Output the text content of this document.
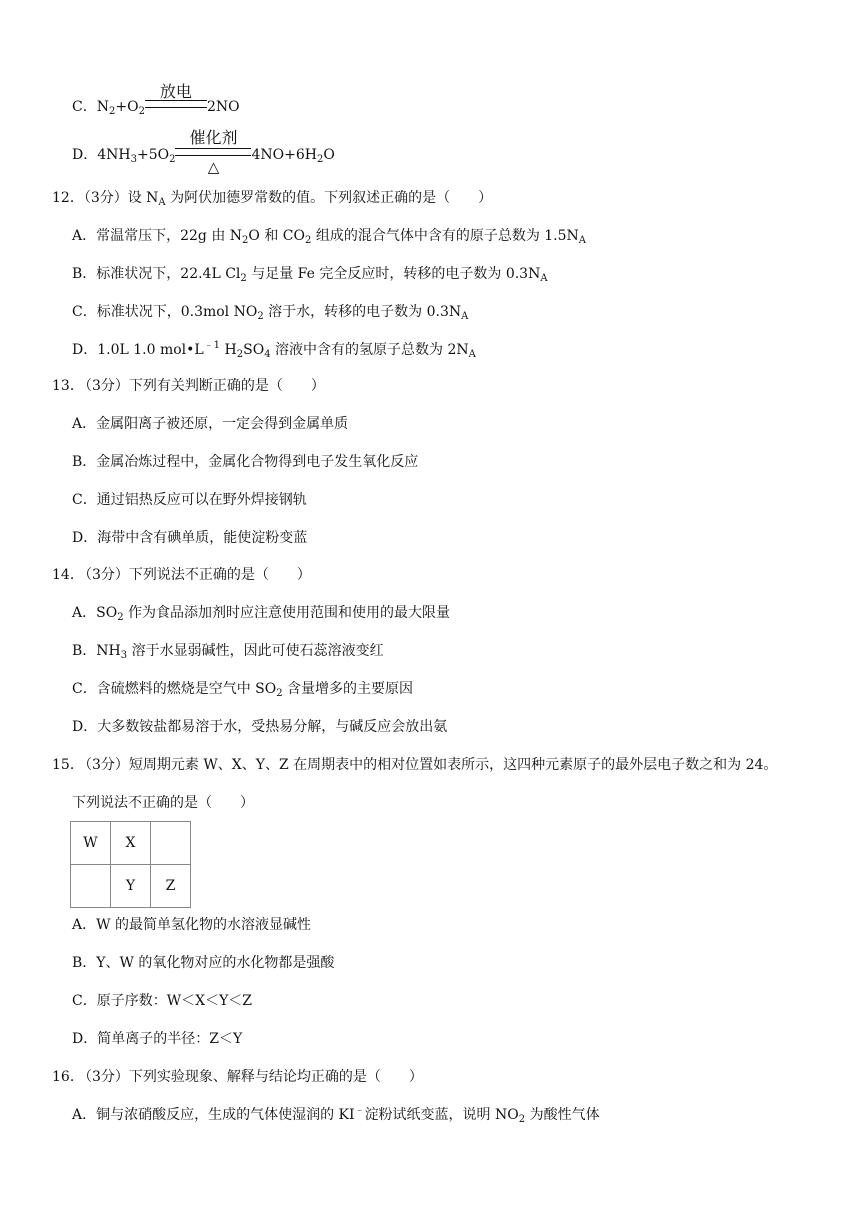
C．$N_2+O_2$
放电
2NO
D．$4NH_3+5O_2$
催化剂
△
$4NO+6H_2O$
12．（3分）设 $N_A$ 为阿伏加德罗常数的值。下列叙述正确的是（　　）
A．常温常压下，22g 由 $N_2O$ 和 $CO_2$ 组成的混合气体中含有的原子总数为 $1.5N_A$
B．标准状况下，22.4L $Cl_2$ 与足量 Fe 完全反应时，转移的电子数为 $0.3N_A$
C．标准状况下，0.3mol $NO_2$ 溶于水，转移的电子数为 $0.3N_A$
D．1.0L 1.0 $mol•L^{﹣1}$ $H_2SO_4$ 溶液中含有的氢原子总数为 $2N_A$
13．
（3分）下列有关判断正确的是（　　）
A．金属阳离子被还原，一定会得到金属单质
B．金属冶炼过程中，金属化合物得到电子发生氧化反应
C．通过铝热反应可以在野外焊接钢轨
D．海带中含有碘单质，能使淀粉变蓝
14．
（3分）下列说法不正确的是（　　）
A．$SO_2$ 作为食品添加剂时应注意使用范围和使用的最大限量
B．$NH_3$ 溶于水显弱碱性，因此可使石蕊溶液变红
C．含硫燃料的燃烧是空气中 $SO_2$ 含量增多的主要原因
D．大多数铵盐都易溶于水，受热易分解，与碱反应会放出氨
15．
（3分）短周期元素 W、X、Y、Z 在周期表中的相对位置如表所示，这四种元素原子的最外层电子数之和为 24。
下列说法不正确的是（　　）
W	X	
	Y	Z
A．W 的最简单氢化物的水溶液显碱性
B．Y、W 的氧化物对应的水化物都是强酸
C．原子序数：W＜X＜Y＜Z
D．简单离子的半径：Z＜Y
16．
（3分）下列实验现象、解释与结论均正确的是（　　）
A．铜与浓硝酸反应，生成的气体使湿润的 KI﹣淀粉试纸变蓝，说明 $NO_2$ 为酸性气体
